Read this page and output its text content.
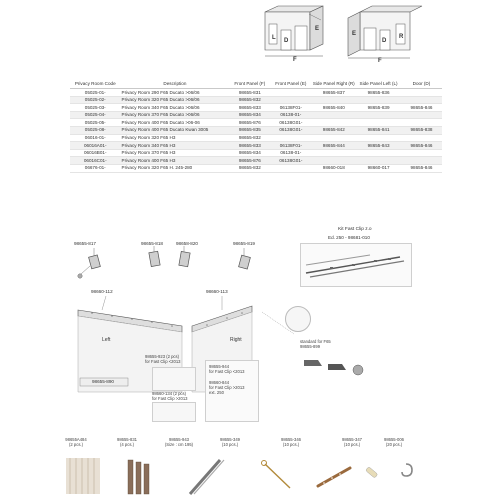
L D
E
F
E
D
R
F
Privacy Room Code	Description	Front Panel (F)	Front Panel (E)	Side Panel Right (R)	Side Panel Left (L)	Door (D)
05025-01-	Privacy Room 290 F65 Ducato >06/06	98655-831		98655-837	98655-836	
05025-02-	Privacy Room 320 F65 Ducato >06/06	98655-832				
05025-03-	Privacy Room 340 F65 Ducato >06/06	98655-833	06138F01-	98655-840	98655-839	98655-846
05025-04-	Privacy Room 370 F65 Ducato >06/06	98655-834	06138-01-			
05025-05-	Privacy Room 400 F65 Ducato >06-06	98655-876	06138G01-			
05025-08-	Privacy Room 400 F65 Ducato Kwan 3005	98655-835	06138G01-	98655-842	98655-841	98655-838
06016-01-	Privacy Room 320 F65 H3	98655-832				
06016A01-	Privacy Room 340 F65 H3	98655-833	06138F01-	98655-844	98655-843	98655-846
06016B01-	Privacy Room 370 F65 H3	98655-834	06138-01-			
06016C01-	Privacy Room 400 F65 H3	98655-876	06138G01-			
06676-01-	Privacy Room 320 F65 H. 245-280	98655-832		98660-018	98660-017	98655-846
Kit Fast Clip z.o
Ed. 250 - 98681-010
98655-817	98655-818	98658-820	98655-819
98660-112	98660-113
Left	Right
98655-890
98655-923 (2 pcs)
for Fast Clip <2013
98660-134 (2 pcs)
for Fast Clip >2013
98655-944
for Fast Clip <2013
98660-844
for Fast Clip >2013
ext. 250
standard for F65
98655-899
98655A484
(2 pcs.)
98655-831
(4 pcs.)
98655-943
(Size : cm 195)
98655-349
(10 pcs.)
98655-346
(10 pcs.)
98655-347
(10 pcs.)
98655-006
(20 pcs.)
